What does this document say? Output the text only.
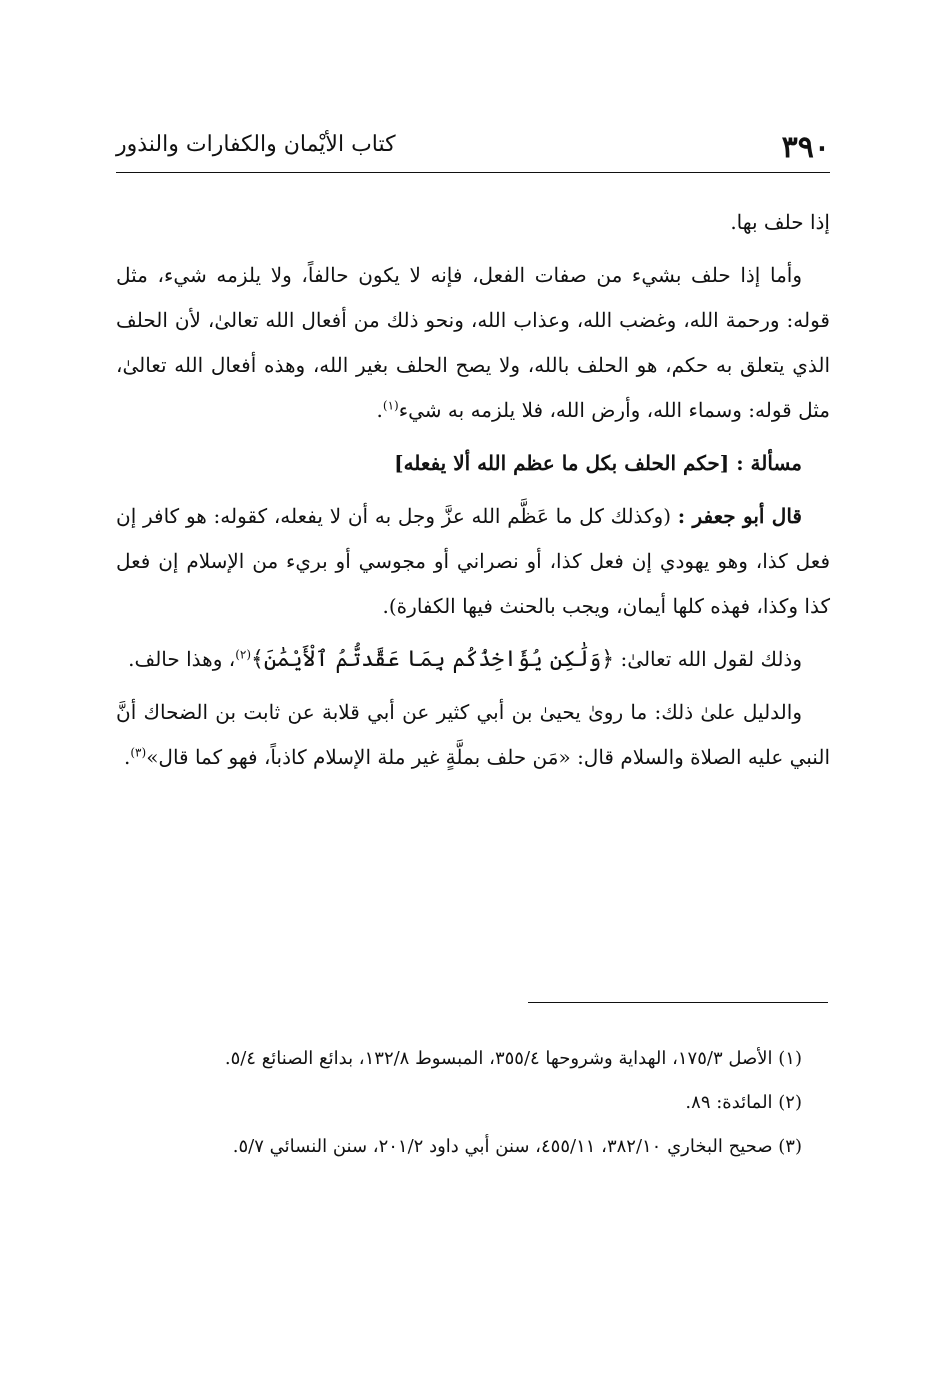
٣٩٠
كتاب الأيْمان والكفارات والنذور

إذا حلف بها.

وأما إذا حلف بشيء من صفات الفعل، فإنه لا يكون حالفاً، ولا يلزمه شيء، مثل قوله: ورحمة الله، وغضب الله، وعذاب الله، ونحو ذلك من أفعال الله تعالىٰ، لأن الحلف الذي يتعلق به حكم، هو الحلف بالله، ولا يصح الحلف بغير الله، وهذه أفعال الله تعالىٰ، مثل قوله: وسماء الله، وأرض الله، فلا يلزمه به شيء$^{(١)}$.

مسألة : [حكم الحلف بكل ما عظم الله ألا يفعله]

قال أبو جعفر : (وكذلك كل ما عَظَّم الله عزَّ وجل به أن لا يفعله، كقوله: هو كافر إن فعل كذا، وهو يهودي إن فعل كذا، أو نصراني أو مجوسي أو بريء من الإسلام إن فعل كذا وكذا، فهذه كلها أيمان، ويجب بالحنث فيها الكفارة).

وذلك لقول الله تعالىٰ: ﴿وَلَٰكِن يُؤَاخِذُكُم بِمَا عَقَّدتُّمُ ٱلْأَيْمَٰنَ﴾$^{(٢)}$، وهذا حالف.

والدليل علىٰ ذلك: ما روىٰ يحيىٰ بن أبي كثير عن أبي قلابة عن ثابت بن الضحاك أنَّ النبي عليه الصلاة والسلام قال: «مَن حلف بملَّةٍ غير ملة الإسلام كاذباً، فهو كما قال»$^{(٣)}$.

(١) الأصل ١٧٥/٣، الهداية وشروحها ٣٥٥/٤، المبسوط ١٣٢/٨، بدائع الصنائع ٥/٤.

(٢) المائدة: ٨٩.

(٣) صحيح البخاري ٣٨٢/١٠، ٤٥٥/١١، سنن أبي داود ٢٠١/٢، سنن النسائي ٥/٧.
